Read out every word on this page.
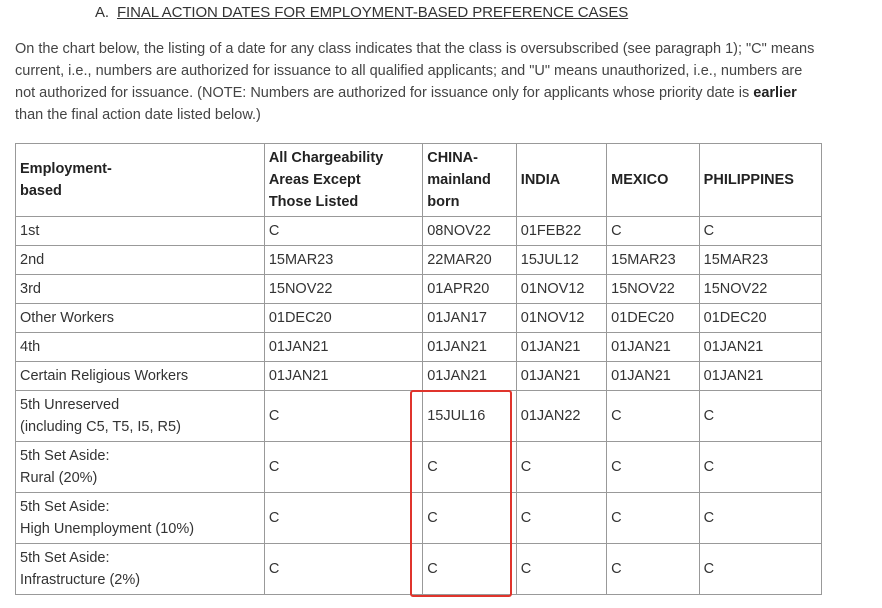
A. FINAL ACTION DATES FOR EMPLOYMENT-BASED PREFERENCE CASES

On the chart below, the listing of a date for any class indicates that the class is oversubscribed (see paragraph 1); "C" means current, i.e., numbers are authorized for issuance to all qualified applicants; and "U" means unauthorized, i.e., numbers are not authorized for issuance. (NOTE: Numbers are authorized for issuance only for applicants whose priority date is earlier than the final action date listed below.)

Employment-
based	All Chargeability
Areas Except
Those Listed	CHINA-
mainland
born	INDIA	MEXICO	PHILIPPINES
1st	C	08NOV22	01FEB22	C	C
2nd	15MAR23	22MAR20	15JUL12	15MAR23	15MAR23
3rd	15NOV22	01APR20	01NOV12	15NOV22	15NOV22
Other Workers	01DEC20	01JAN17	01NOV12	01DEC20	01DEC20
4th	01JAN21	01JAN21	01JAN21	01JAN21	01JAN21
Certain Religious Workers	01JAN21	01JAN21	01JAN21	01JAN21	01JAN21
5th Unreserved
(including C5, T5, I5, R5)	C	15JUL16	01JAN22	C	C
5th Set Aside:
Rural (20%)	C	C	C	C	C
5th Set Aside:
High Unemployment (10%)	C	C	C	C	C
5th Set Aside:
Infrastructure (2%)	C	C	C	C	C
